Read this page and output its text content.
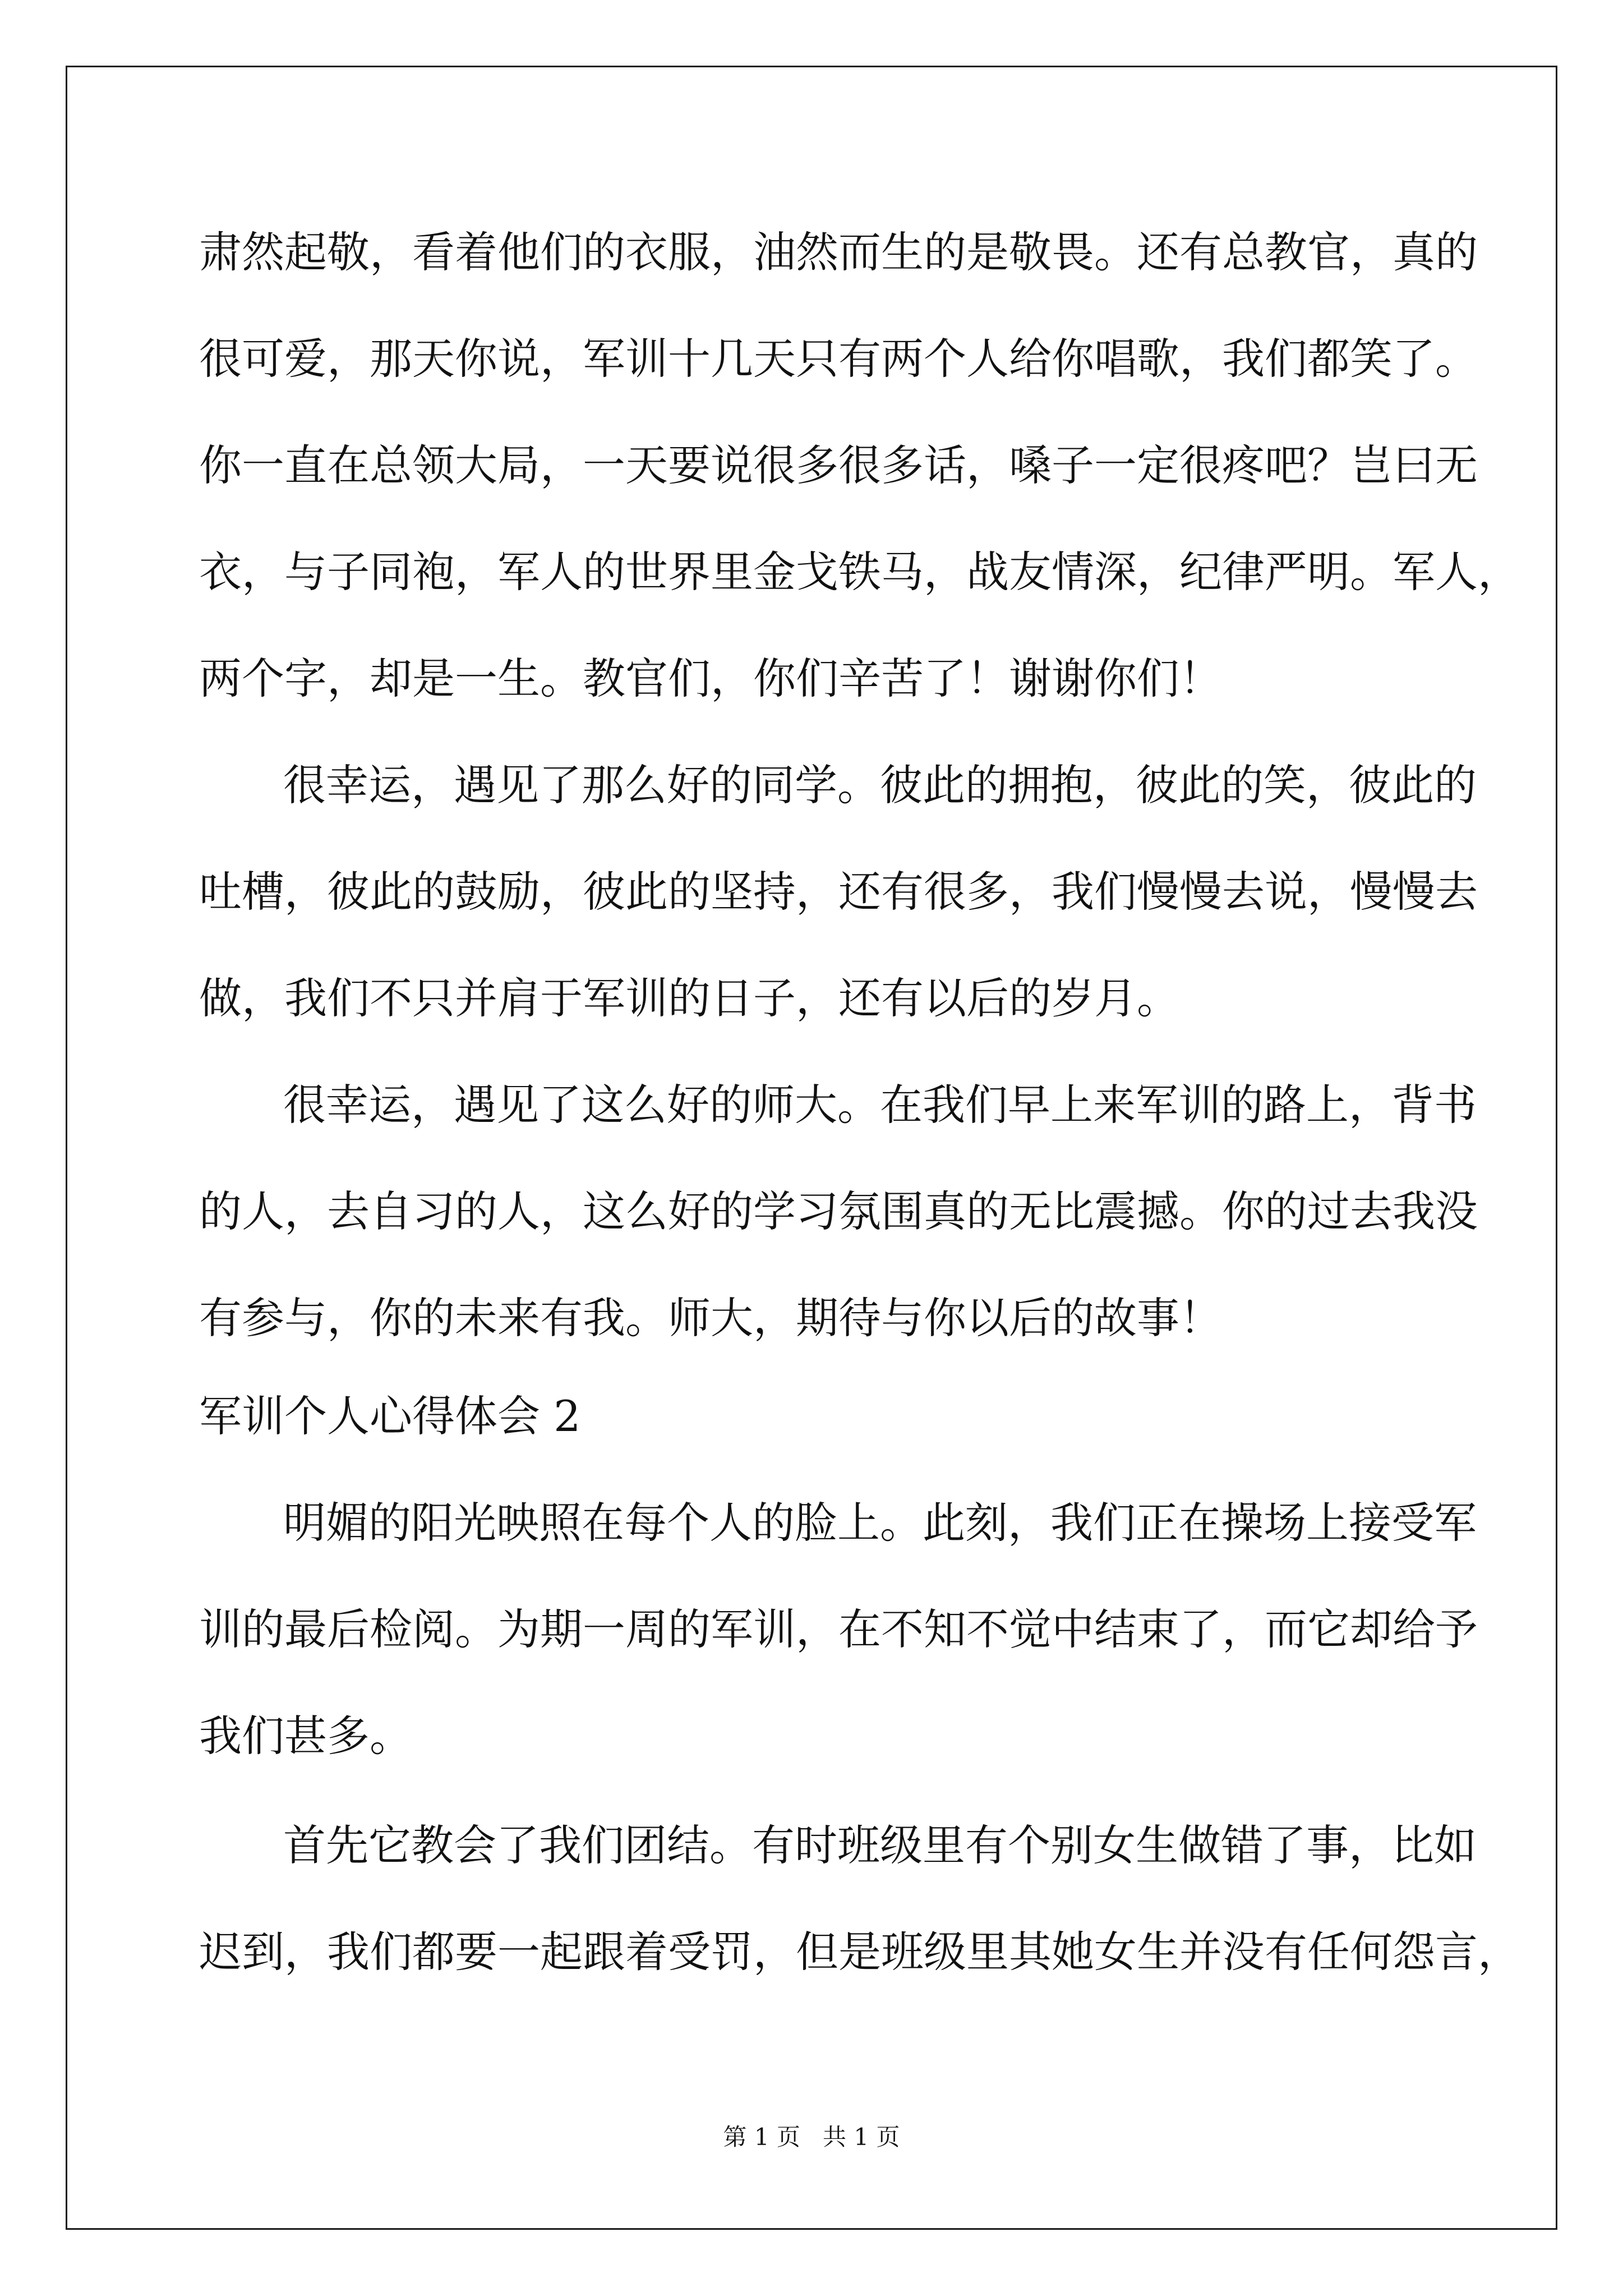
肃然起敬，看着他们的衣服，油然而生的是敬畏。还有总教官，真的
很可爱，那天你说，军训十几天只有两个人给你唱歌，我们都笑了。
你一直在总领大局，一天要说很多很多话，嗓子一定很疼吧？岂曰无
衣，与子同袍，军人的世界里金戈铁马，战友情深，纪律严明。军人，
两个字，却是一生。教官们，你们辛苦了！谢谢你们！
很幸运，遇见了那么好的同学。彼此的拥抱，彼此的笑，彼此的
吐槽，彼此的鼓励，彼此的坚持，还有很多，我们慢慢去说，慢慢去
做，我们不只并肩于军训的日子，还有以后的岁月。
很幸运，遇见了这么好的师大。在我们早上来军训的路上，背书
的人，去自习的人，这么好的学习氛围真的无比震撼。你的过去我没
有参与，你的未来有我。师大，期待与你以后的故事！
军训个人心得体会 2
明媚的阳光映照在每个人的脸上。此刻，我们正在操场上接受军
训的最后检阅。为期一周的军训，在不知不觉中结束了，而它却给予
我们甚多。
首先它教会了我们团结。有时班级里有个别女生做错了事，比如
迟到，我们都要一起跟着受罚，但是班级里其她女生并没有任何怨言，
第 1 页   共 1 页
